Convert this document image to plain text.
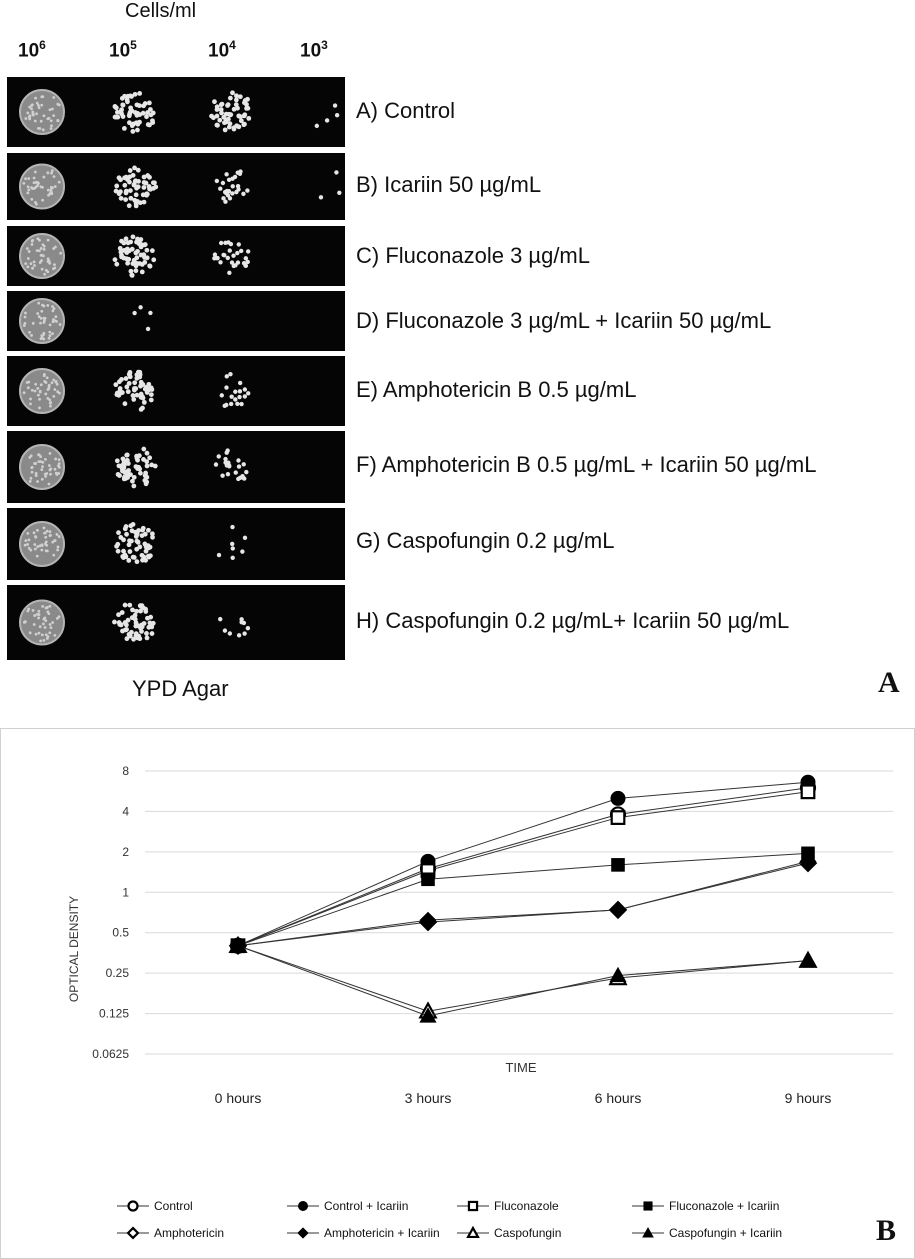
Cells/ml
$10^6$	$10^5$	$10^4$	$10^3$
A) Control
B) Icariin 50 µg/mL
C) Fluconazole 3 µg/mL
D) Fluconazole 3 µg/mL + Icariin 50 µg/mL
E) Amphotericin B 0.5 µg/mL
F) Amphotericin B 0.5 µg/mL + Icariin 50 µg/mL
G) Caspofungin 0.2 µg/mL
H) Caspofungin 0.2 µg/mL+ Icariin 50 µg/mL
YPD Agar	A
0.0625
0.125
0.25
0.5
1
2
4
8
0 hours	3 hours	6 hours	9 hours
OPTICAL DENSITY
TIME
Control	Control + Icariin	Fluconazole	Fluconazole + Icariin
Amphotericin	Amphotericin + Icariin	Caspofungin	Caspofungin + Icariin	B
